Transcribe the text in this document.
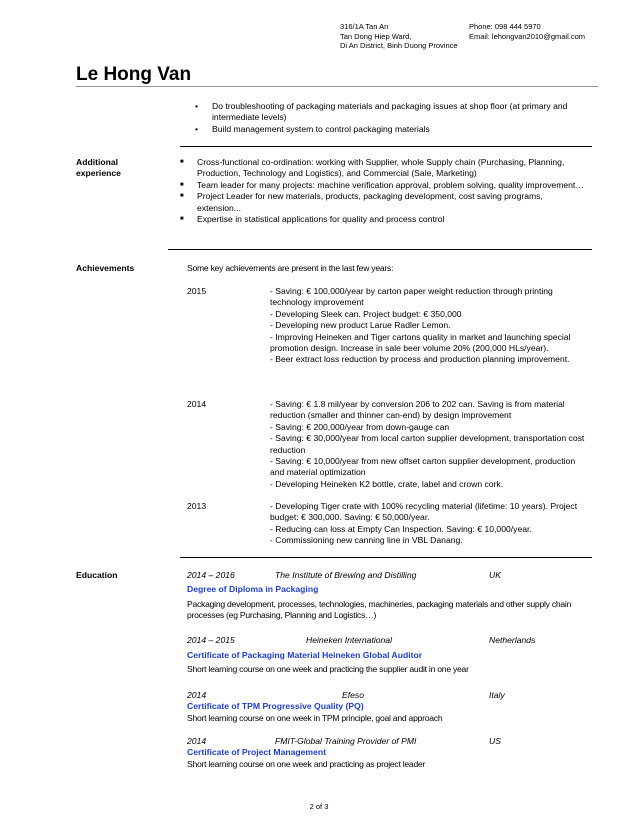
316/1A Tan An
Tan Dong Hiep Ward,
Di An District, Binh Duong Province
Phone: 098 444 5970
Email: lehongvan2010@gmail.com
Le Hong Van
• Do troubleshooting of packaging materials and packaging issues at shop floor (at primary and intermediate levels)
• Build management system to control packaging materials
Additional
experience
■ Cross-functional co-ordination: working with Supplier, whole Supply chain (Purchasing, Planning, Production, Technology and Logistics), and Commercial (Sale, Marketing)
■ Team leader for many projects: machine verification approval, problem solving, quality improvement…
■ Project Leader for new materials, products, packaging development, cost saving programs, extension...
■ Expertise in statistical applications for quality and process control
Achievements	Some key achievements are present in the last few years:
2015	- Saving: € 100,000/year by carton paper weight reduction through printing technology improvement
- Developing Sleek can. Project budget: € 350,000
- Developing new product Larue Radler Lemon.
- Improving Heineken and Tiger cartons quality in market and launching special promotion design. Increase in sale beer volume 20% (200,000 HLs/year).
- Beer extract loss reduction by process and production planning improvement.
2014	- Saving: € 1.8 mil/year by conversion 206 to 202 can. Saving is from material reduction (smaller and thinner can-end) by design improvement
- Saving: € 200,000/year from down-gauge can
- Saving: € 30,000/year from local carton supplier development, transportation cost reduction
- Saving: € 10,000/year from new offset carton supplier development, production and material optimization
- Developing Heineken K2 bottle, crate, label and crown cork.
2013	- Developing Tiger crate with 100% recycling material (lifetime: 10 years). Project budget: € 300,000. Saving: € 50,000/year.
- Reducing can loss at Empty Can Inspection. Saving: € 10,000/year.
- Commissioning new canning line in VBL Danang.
Education	2014 – 2016	The Institute of Brewing and Distilling	UK
Degree of Diploma in Packaging
Packaging development, processes, technologies, machineries, packaging materials and other supply chain processes (eg Purchasing, Planning and Logistics…)
2014 – 2015	Heineken International	Netherlands
Certificate of Packaging Material Heineken Global Auditor
Short learning course on one week and practicing the supplier audit in one year
2014	Efeso	Italy
Certificate of TPM Progressive Quality (PQ)
Short learning course on one week in TPM principle, goal and approach
2014	FMIT-Global Training Provider of PMI	US
Certificate of Project Management
Short learning course on one week and practicing as project leader
2 of 3
